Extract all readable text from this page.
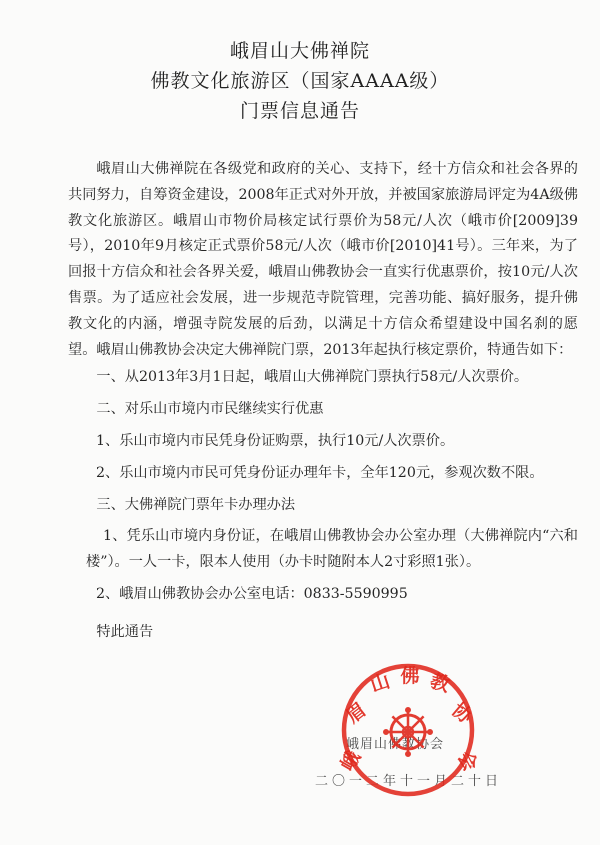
峨眉山大佛禅院

佛教文化旅游区（国家AAAA级）

门票信息通告

峨眉山大佛禅院在各级党和政府的关心、支持下，经十方信众和社会各界的共同努力，自筹资金建设，2008年正式对外开放，并被国家旅游局评定为4A级佛教文化旅游区。峨眉山市物价局核定试行票价为58元/人次（峨市价[2009]39号），2010年9月核定正式票价58元/人次（峨市价[2010]41号）。三年来，为了回报十方信众和社会各界关爱，峨眉山佛教协会一直实行优惠票价，按10元/人次售票。为了适应社会发展，进一步规范寺院管理，完善功能、搞好服务，提升佛教文化的内涵，增强寺院发展的后劲，以满足十方信众希望建设中国名刹的愿望。峨眉山佛教协会决定大佛禅院门票，2013年起执行核定票价，特通告如下：

一、从2013年3月1日起，峨眉山大佛禅院门票执行58元/人次票价。

二、对乐山市境内市民继续实行优惠

1、乐山市境内市民凭身份证购票，执行10元/人次票价。

2、乐山市境内市民可凭身份证办理年卡，全年120元，参观次数不限。

三、大佛禅院门票年卡办理办法

1、凭乐山市境内身份证，在峨眉山佛教协会办公室办理（大佛禅院内“六和楼”）。一人一卡，限本人使用（办卡时随附本人2寸彩照1张）。

2、峨眉山佛教协会办公室电话：0833-5590995

特此通告

峨眉山佛教协会
二〇一二年十一月二十日
峨
眉
山 佛 教
协
会
